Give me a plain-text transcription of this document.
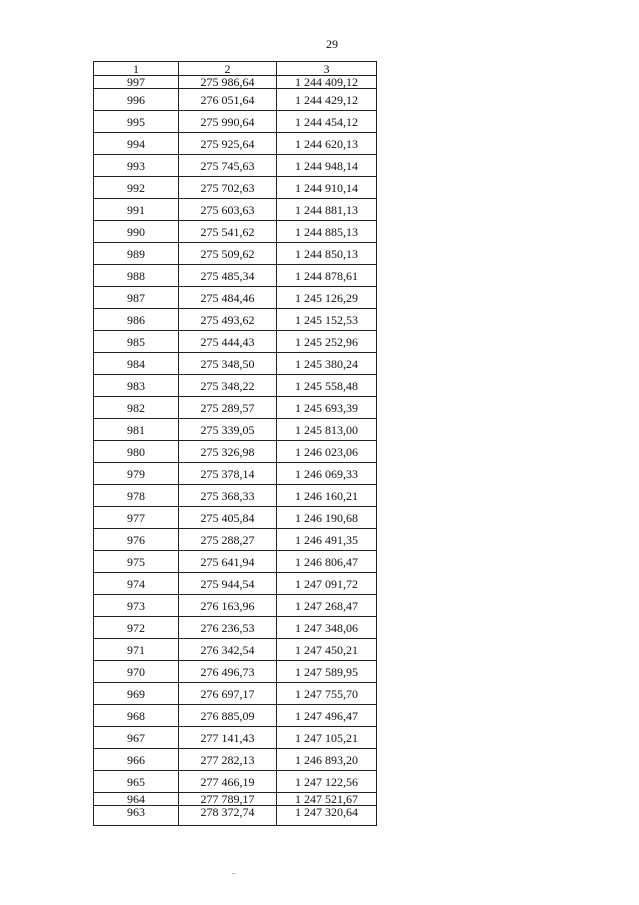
29
1	2	3
997	275 986,64	1 244 409,12
996	276 051,64	1 244 429,12
995	275 990,64	1 244 454,12
994	275 925,64	1 244 620,13
993	275 745,63	1 244 948,14
992	275 702,63	1 244 910,14
991	275 603,63	1 244 881,13
990	275 541,62	1 244 885,13
989	275 509,62	1 244 850,13
988	275 485,34	1 244 878,61
987	275 484,46	1 245 126,29
986	275 493,62	1 245 152,53
985	275 444,43	1 245 252,96
984	275 348,50	1 245 380,24
983	275 348,22	1 245 558,48
982	275 289,57	1 245 693,39
981	275 339,05	1 245 813,00
980	275 326,98	1 246 023,06
979	275 378,14	1 246 069,33
978	275 368,33	1 246 160,21
977	275 405,84	1 246 190,68
976	275 288,27	1 246 491,35
975	275 641,94	1 246 806,47
974	275 944,54	1 247 091,72
973	276 163,96	1 247 268,47
972	276 236,53	1 247 348,06
971	276 342,54	1 247 450,21
970	276 496,73	1 247 589,95
969	276 697,17	1 247 755,70
968	276 885,09	1 247 496,47
967	277 141,43	1 247 105,21
966	277 282,13	1 246 893,20
965	277 466,19	1 247 122,56
964	277 789,17	1 247 521,67
963	278 372,74	1 247 320,64
